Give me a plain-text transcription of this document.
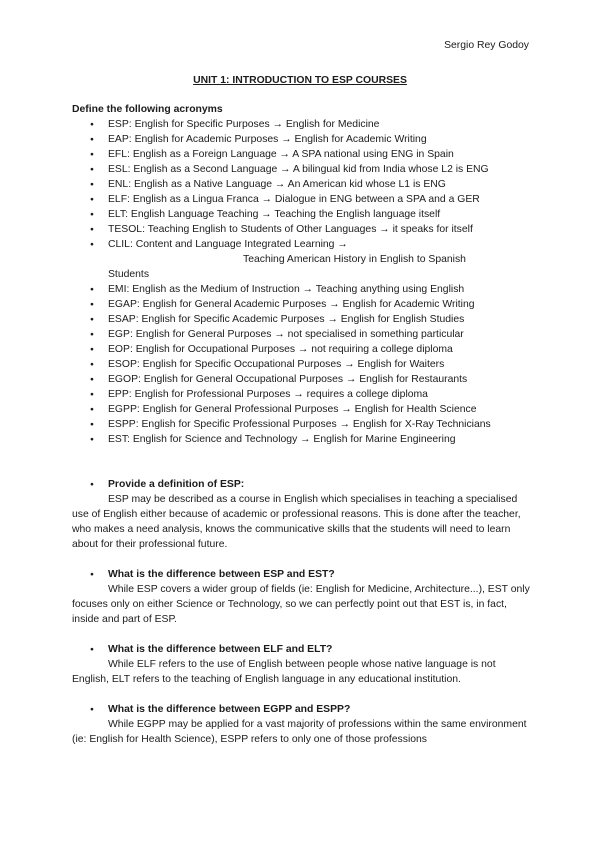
Sergio Rey Godoy
UNIT 1: INTRODUCTION TO ESP COURSES
Define the following acronyms
● ESP: English for Specific Purposes → English for Medicine
● EAP: English for Academic Purposes → English for Academic Writing
● EFL: English as a Foreign Language → A SPA national using ENG in Spain
● ESL: English as a Second Language → A bilingual kid from India whose L2 is ENG
● ENL: English as a Native Language → An American kid whose L1 is ENG
● ELF: English as a Lingua Franca → Dialogue in ENG between a SPA and a GER
● ELT: English Language Teaching → Teaching the English language itself
● TESOL: Teaching English to Students of Other Languages → it speaks for itself
● CLIL: Content and Language Integrated Learning →
Teaching American History in English to Spanish
Students
● EMI: English as the Medium of Instruction → Teaching anything using English
● EGAP: English for General Academic Purposes → English for Academic Writing
● ESAP: English for Specific Academic Purposes → English for English Studies
● EGP: English for General Purposes → not specialised in something particular
● EOP: English for Occupational Purposes → not requiring a college diploma
● ESOP: English for Specific Occupational Purposes → English for Waiters
● EGOP: English for General Occupational Purposes → English for Restaurants
● EPP: English for Professional Purposes → requires a college diploma
● EGPP: English for General Professional Purposes → English for Health Science
● ESPP: English for Specific Professional Purposes → English for X-Ray Technicians
● EST: English for Science and Technology → English for Marine Engineering
● Provide a definition of ESP:

ESP may be described as a course in English which specialises in teaching a specialised use of English either because of academic or professional reasons. This is done after the teacher, who makes a need analysis, knows the communicative skills that the students will need to learn about for their professional future.

● What is the difference between ESP and EST?

While ESP covers a wider group of fields (ie: English for Medicine, Architecture...), EST only focuses only on either Science or Technology, so we can perfectly point out that EST is, in fact, inside and part of ESP.

● What is the difference between ELF and ELT?

While ELF refers to the use of English between people whose native language is not English, ELT refers to the teaching of English language in any educational institution.

● What is the difference between EGPP and ESPP?

While EGPP may be applied for a vast majority of professions within the same environment (ie: English for Health Science), ESPP refers to only one of those professions
